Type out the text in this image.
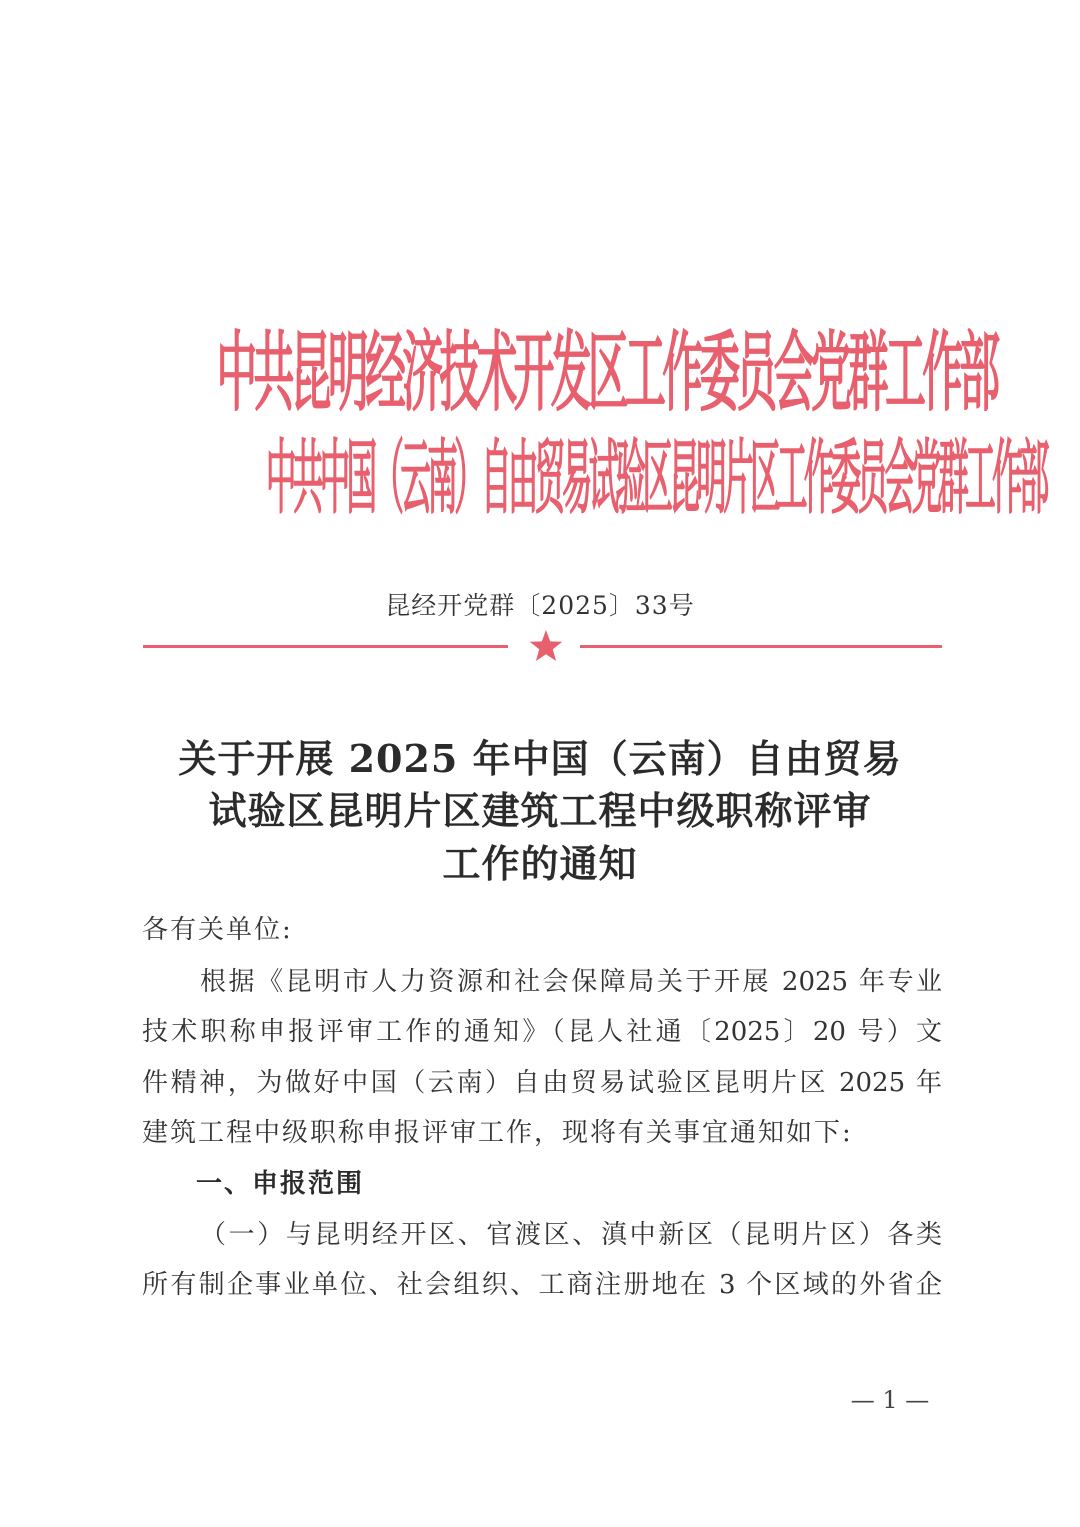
中共昆明经济技术开发区工作委员会党群工作部
中共中国（云南）自由贸易试验区昆明片区工作委员会党群工作部
昆经开党群〔2025〕33号
关于开展 2025 年中国（云南）自由贸易
试验区昆明片区建筑工程中级职称评审
工作的通知
各有关单位:
根据《昆明市人力资源和社会保障局关于开展 2025 年专业
技术职称申报评审工作的通知》（昆人社通〔2025〕20 号）文
件精神，为做好中国（云南）自由贸易试验区昆明片区 2025 年
建筑工程中级职称申报评审工作，现将有关事宜通知如下:
一、申报范围
（一）与昆明经开区、官渡区、滇中新区（昆明片区）各类
所有制企事业单位、社会组织、工商注册地在 3 个区域的外省企
— 1 —
